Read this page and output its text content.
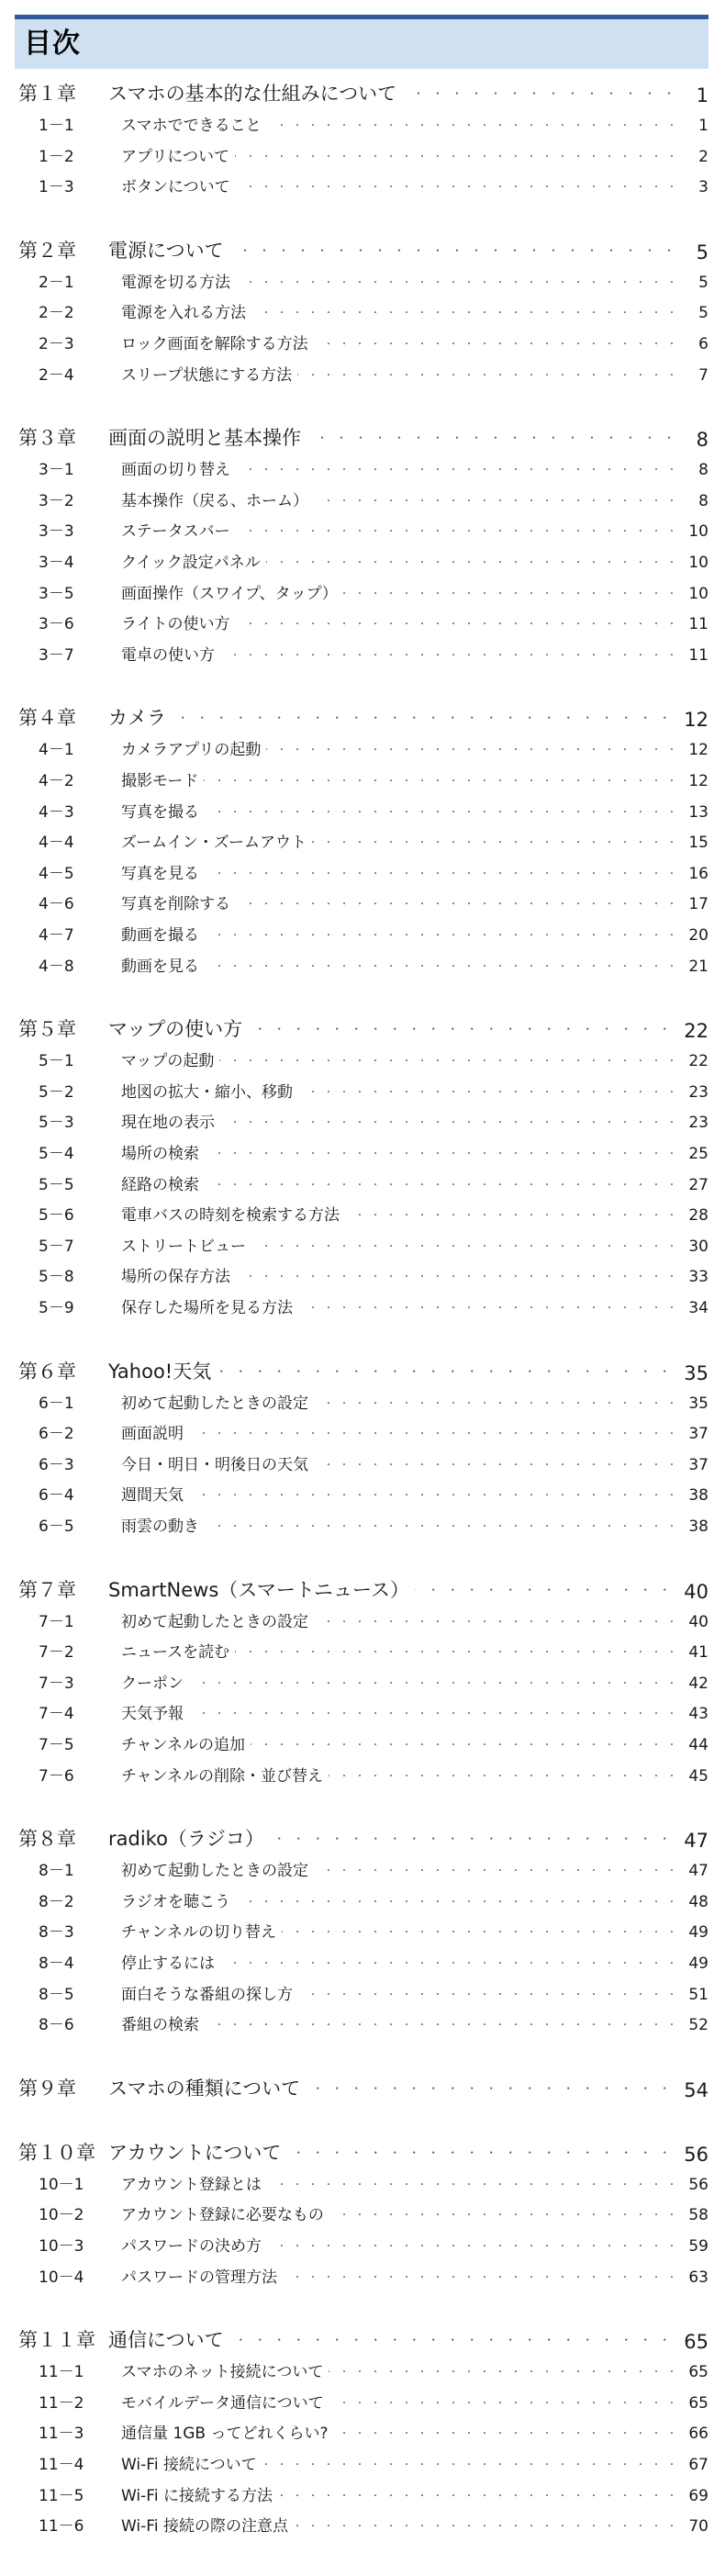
目次
第１章	スマホの基本的な仕組みについて ・・・・・・・・・・・・・・・・・・・・・・・・・・・・・・・・・・・・・・・・・・・・・・・・・・・・・・・・・・・・	1
1－1	スマホでできること ・・・・・・・・・・・・・・・・・・・・・・・・・・・・・・・・・・・・・・・・・・・・・・・・・・・・・・・・・・・・	1
1－2	アプリについて ・・・・・・・・・・・・・・・・・・・・・・・・・・・・・・・・・・・・・・・・・・・・・・・・・・・・・・・・・・・・	2
1－3	ボタンについて ・・・・・・・・・・・・・・・・・・・・・・・・・・・・・・・・・・・・・・・・・・・・・・・・・・・・・・・・・・・・	3
第２章	電源について ・・・・・・・・・・・・・・・・・・・・・・・・・・・・・・・・・・・・・・・・・・・・・・・・・・・・・・・・・・・・	5
2－1	電源を切る方法 ・・・・・・・・・・・・・・・・・・・・・・・・・・・・・・・・・・・・・・・・・・・・・・・・・・・・・・・・・・・・	5
2－2	電源を入れる方法 ・・・・・・・・・・・・・・・・・・・・・・・・・・・・・・・・・・・・・・・・・・・・・・・・・・・・・・・・・・・・	5
2－3	ロック画面を解除する方法 ・・・・・・・・・・・・・・・・・・・・・・・・・・・・・・・・・・・・・・・・・・・・・・・・・・・・・・・・・・・・	6
2－4	スリープ状態にする方法 ・・・・・・・・・・・・・・・・・・・・・・・・・・・・・・・・・・・・・・・・・・・・・・・・・・・・・・・・・・・・	7
第３章	画面の説明と基本操作 ・・・・・・・・・・・・・・・・・・・・・・・・・・・・・・・・・・・・・・・・・・・・・・・・・・・・・・・・・・・・	8
3－1	画面の切り替え ・・・・・・・・・・・・・・・・・・・・・・・・・・・・・・・・・・・・・・・・・・・・・・・・・・・・・・・・・・・・	8
3－2	基本操作（戻る、ホーム） ・・・・・・・・・・・・・・・・・・・・・・・・・・・・・・・・・・・・・・・・・・・・・・・・・・・・・・・・・・・・	8
3－3	ステータスバー ・・・・・・・・・・・・・・・・・・・・・・・・・・・・・・・・・・・・・・・・・・・・・・・・・・・・・・・・・・・・	10
3－4	クイック設定パネル ・・・・・・・・・・・・・・・・・・・・・・・・・・・・・・・・・・・・・・・・・・・・・・・・・・・・・・・・・・・・	10
3－5	画面操作（スワイプ、タップ） ・・・・・・・・・・・・・・・・・・・・・・・・・・・・・・・・・・・・・・・・・・・・・・・・・・・・・・・・・・・・	10
3－6	ライトの使い方 ・・・・・・・・・・・・・・・・・・・・・・・・・・・・・・・・・・・・・・・・・・・・・・・・・・・・・・・・・・・・	11
3－7	電卓の使い方 ・・・・・・・・・・・・・・・・・・・・・・・・・・・・・・・・・・・・・・・・・・・・・・・・・・・・・・・・・・・・	11
第４章	カメラ ・・・・・・・・・・・・・・・・・・・・・・・・・・・・・・・・・・・・・・・・・・・・・・・・・・・・・・・・・・・・	12
4－1	カメラアプリの起動 ・・・・・・・・・・・・・・・・・・・・・・・・・・・・・・・・・・・・・・・・・・・・・・・・・・・・・・・・・・・・	12
4－2	撮影モード ・・・・・・・・・・・・・・・・・・・・・・・・・・・・・・・・・・・・・・・・・・・・・・・・・・・・・・・・・・・・	12
4－3	写真を撮る ・・・・・・・・・・・・・・・・・・・・・・・・・・・・・・・・・・・・・・・・・・・・・・・・・・・・・・・・・・・・	13
4－4	ズームイン・ズームアウト ・・・・・・・・・・・・・・・・・・・・・・・・・・・・・・・・・・・・・・・・・・・・・・・・・・・・・・・・・・・・	15
4－5	写真を見る ・・・・・・・・・・・・・・・・・・・・・・・・・・・・・・・・・・・・・・・・・・・・・・・・・・・・・・・・・・・・	16
4－6	写真を削除する ・・・・・・・・・・・・・・・・・・・・・・・・・・・・・・・・・・・・・・・・・・・・・・・・・・・・・・・・・・・・	17
4－7	動画を撮る ・・・・・・・・・・・・・・・・・・・・・・・・・・・・・・・・・・・・・・・・・・・・・・・・・・・・・・・・・・・・	20
4－8	動画を見る ・・・・・・・・・・・・・・・・・・・・・・・・・・・・・・・・・・・・・・・・・・・・・・・・・・・・・・・・・・・・	21
第５章	マップの使い方 ・・・・・・・・・・・・・・・・・・・・・・・・・・・・・・・・・・・・・・・・・・・・・・・・・・・・・・・・・・・・	22
5－1	マップの起動 ・・・・・・・・・・・・・・・・・・・・・・・・・・・・・・・・・・・・・・・・・・・・・・・・・・・・・・・・・・・・	22
5－2	地図の拡大・縮小、移動 ・・・・・・・・・・・・・・・・・・・・・・・・・・・・・・・・・・・・・・・・・・・・・・・・・・・・・・・・・・・・	23
5－3	現在地の表示 ・・・・・・・・・・・・・・・・・・・・・・・・・・・・・・・・・・・・・・・・・・・・・・・・・・・・・・・・・・・・	23
5－4	場所の検索 ・・・・・・・・・・・・・・・・・・・・・・・・・・・・・・・・・・・・・・・・・・・・・・・・・・・・・・・・・・・・	25
5－5	経路の検索 ・・・・・・・・・・・・・・・・・・・・・・・・・・・・・・・・・・・・・・・・・・・・・・・・・・・・・・・・・・・・	27
5－6	電車バスの時刻を検索する方法 ・・・・・・・・・・・・・・・・・・・・・・・・・・・・・・・・・・・・・・・・・・・・・・・・・・・・・・・・・・・・	28
5－7	ストリートビュー ・・・・・・・・・・・・・・・・・・・・・・・・・・・・・・・・・・・・・・・・・・・・・・・・・・・・・・・・・・・・	30
5－8	場所の保存方法 ・・・・・・・・・・・・・・・・・・・・・・・・・・・・・・・・・・・・・・・・・・・・・・・・・・・・・・・・・・・・	33
5－9	保存した場所を見る方法 ・・・・・・・・・・・・・・・・・・・・・・・・・・・・・・・・・・・・・・・・・・・・・・・・・・・・・・・・・・・・	34
第６章	Yahoo!天気 ・・・・・・・・・・・・・・・・・・・・・・・・・・・・・・・・・・・・・・・・・・・・・・・・・・・・・・・・・・・・	35
6－1	初めて起動したときの設定 ・・・・・・・・・・・・・・・・・・・・・・・・・・・・・・・・・・・・・・・・・・・・・・・・・・・・・・・・・・・・	35
6－2	画面説明 ・・・・・・・・・・・・・・・・・・・・・・・・・・・・・・・・・・・・・・・・・・・・・・・・・・・・・・・・・・・・	37
6－3	今日・明日・明後日の天気 ・・・・・・・・・・・・・・・・・・・・・・・・・・・・・・・・・・・・・・・・・・・・・・・・・・・・・・・・・・・・	37
6－4	週間天気 ・・・・・・・・・・・・・・・・・・・・・・・・・・・・・・・・・・・・・・・・・・・・・・・・・・・・・・・・・・・・	38
6－5	雨雲の動き ・・・・・・・・・・・・・・・・・・・・・・・・・・・・・・・・・・・・・・・・・・・・・・・・・・・・・・・・・・・・	38
第７章	SmartNews（スマートニュース） ・・・・・・・・・・・・・・・・・・・・・・・・・・・・・・・・・・・・・・・・・・・・・・・・・・・・・・・・・・・・	40
7－1	初めて起動したときの設定 ・・・・・・・・・・・・・・・・・・・・・・・・・・・・・・・・・・・・・・・・・・・・・・・・・・・・・・・・・・・・	40
7－2	ニュースを読む ・・・・・・・・・・・・・・・・・・・・・・・・・・・・・・・・・・・・・・・・・・・・・・・・・・・・・・・・・・・・	41
7－3	クーポン ・・・・・・・・・・・・・・・・・・・・・・・・・・・・・・・・・・・・・・・・・・・・・・・・・・・・・・・・・・・・	42
7－4	天気予報 ・・・・・・・・・・・・・・・・・・・・・・・・・・・・・・・・・・・・・・・・・・・・・・・・・・・・・・・・・・・・	43
7－5	チャンネルの追加 ・・・・・・・・・・・・・・・・・・・・・・・・・・・・・・・・・・・・・・・・・・・・・・・・・・・・・・・・・・・・	44
7－6	チャンネルの削除・並び替え ・・・・・・・・・・・・・・・・・・・・・・・・・・・・・・・・・・・・・・・・・・・・・・・・・・・・・・・・・・・・	45
第８章	radiko（ラジコ） ・・・・・・・・・・・・・・・・・・・・・・・・・・・・・・・・・・・・・・・・・・・・・・・・・・・・・・・・・・・・	47
8－1	初めて起動したときの設定 ・・・・・・・・・・・・・・・・・・・・・・・・・・・・・・・・・・・・・・・・・・・・・・・・・・・・・・・・・・・・	47
8－2	ラジオを聴こう ・・・・・・・・・・・・・・・・・・・・・・・・・・・・・・・・・・・・・・・・・・・・・・・・・・・・・・・・・・・・	48
8－3	チャンネルの切り替え ・・・・・・・・・・・・・・・・・・・・・・・・・・・・・・・・・・・・・・・・・・・・・・・・・・・・・・・・・・・・	49
8－4	停止するには ・・・・・・・・・・・・・・・・・・・・・・・・・・・・・・・・・・・・・・・・・・・・・・・・・・・・・・・・・・・・	49
8－5	面白そうな番組の探し方 ・・・・・・・・・・・・・・・・・・・・・・・・・・・・・・・・・・・・・・・・・・・・・・・・・・・・・・・・・・・・	51
8－6	番組の検索 ・・・・・・・・・・・・・・・・・・・・・・・・・・・・・・・・・・・・・・・・・・・・・・・・・・・・・・・・・・・・	52
第９章	スマホの種類について ・・・・・・・・・・・・・・・・・・・・・・・・・・・・・・・・・・・・・・・・・・・・・・・・・・・・・・・・・・・・	54
第１０章 アカウントについて ・・・・・・・・・・・・・・・・・・・・・・・・・・・・・・・・・・・・・・・・・・・・・・・・・・・・・・・・・・・・	56
10－1	アカウント登録とは ・・・・・・・・・・・・・・・・・・・・・・・・・・・・・・・・・・・・・・・・・・・・・・・・・・・・・・・・・・・・	56
10－2	アカウント登録に必要なもの ・・・・・・・・・・・・・・・・・・・・・・・・・・・・・・・・・・・・・・・・・・・・・・・・・・・・・・・・・・・・	58
10－3	パスワードの決め方 ・・・・・・・・・・・・・・・・・・・・・・・・・・・・・・・・・・・・・・・・・・・・・・・・・・・・・・・・・・・・	59
10－4	パスワードの管理方法 ・・・・・・・・・・・・・・・・・・・・・・・・・・・・・・・・・・・・・・・・・・・・・・・・・・・・・・・・・・・・	63
第１１章 通信について ・・・・・・・・・・・・・・・・・・・・・・・・・・・・・・・・・・・・・・・・・・・・・・・・・・・・・・・・・・・・	65
11－1	スマホのネット接続について ・・・・・・・・・・・・・・・・・・・・・・・・・・・・・・・・・・・・・・・・・・・・・・・・・・・・・・・・・・・・	65
11－2	モバイルデータ通信について ・・・・・・・・・・・・・・・・・・・・・・・・・・・・・・・・・・・・・・・・・・・・・・・・・・・・・・・・・・・・	65
11－3	通信量 1GB ってどれくらい? ・・・・・・・・・・・・・・・・・・・・・・・・・・・・・・・・・・・・・・・・・・・・・・・・・・・・・・・・・・・・	66
11－4	Wi-Fi 接続について ・・・・・・・・・・・・・・・・・・・・・・・・・・・・・・・・・・・・・・・・・・・・・・・・・・・・・・・・・・・・	67
11－5	Wi-Fi に接続する方法 ・・・・・・・・・・・・・・・・・・・・・・・・・・・・・・・・・・・・・・・・・・・・・・・・・・・・・・・・・・・・	69
11－6	Wi-Fi 接続の際の注意点 ・・・・・・・・・・・・・・・・・・・・・・・・・・・・・・・・・・・・・・・・・・・・・・・・・・・・・・・・・・・・	70
